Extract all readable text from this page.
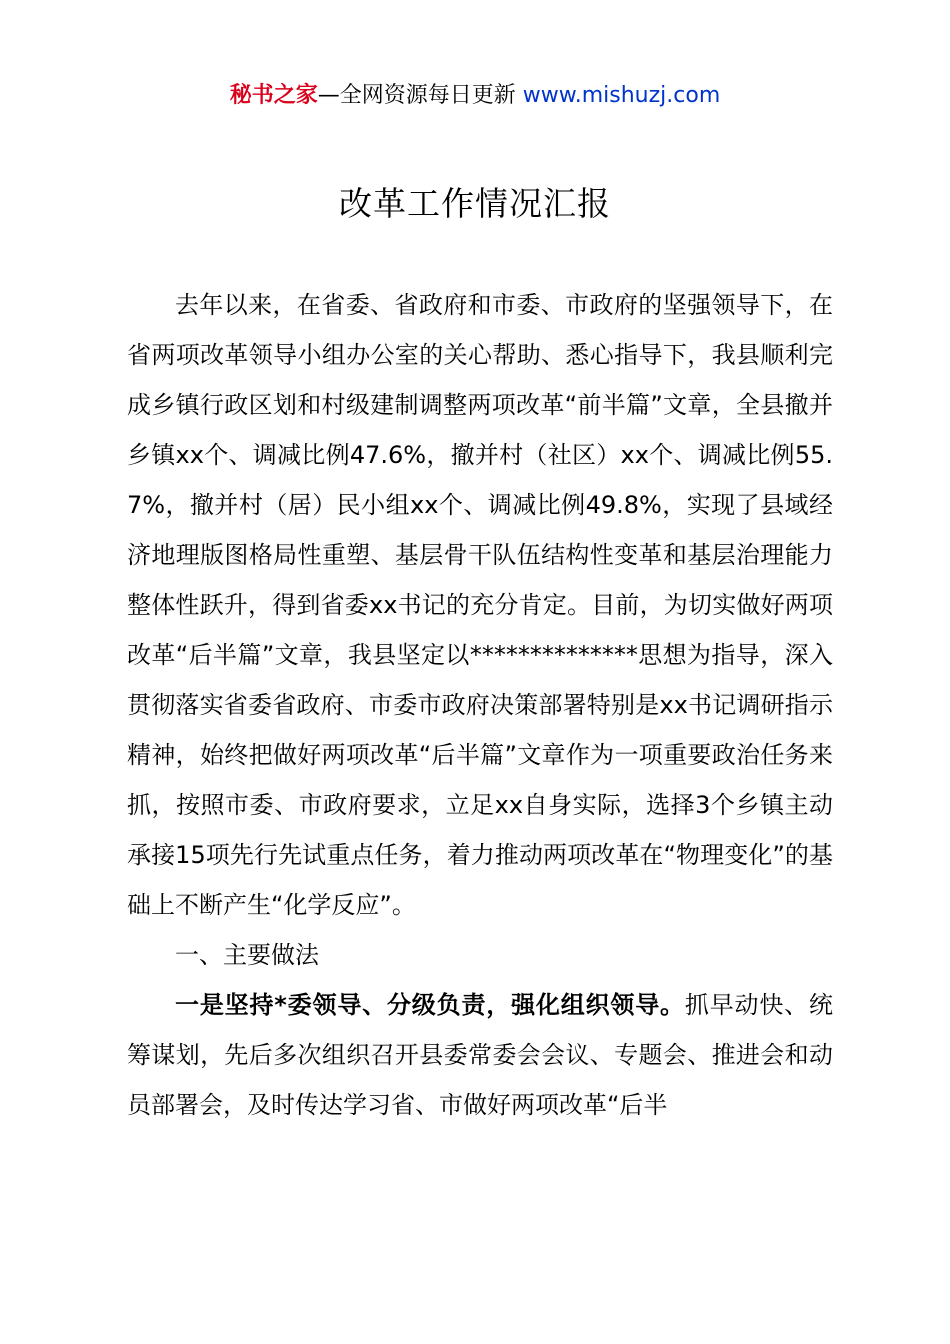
秘书之家—全网资源每日更新 www.mishuzj.com
改革工作情况汇报

去年以来，在省委、省政府和市委、市政府的坚强领导下，在省两项改革领导小组办公室的关心帮助、悉心指导下，我县顺利完成乡镇行政区划和村级建制调整两项改革“前半篇”文章，全县撤并乡镇xx个、调减比例47.6%，撤并村（社区）xx个、调减比例55.7%，撤并村（居）民小组xx个、调减比例49.8%，实现了县域经济地理版图格局性重塑、基层骨干队伍结构性变革和基层治理能力整体性跃升，得到省委xx书记的充分肯定。目前，为切实做好两项改革“后半篇”文章，我县坚定以**************思想为指导，深入贯彻落实省委省政府、市委市政府决策部署特别是xx书记调研指示精神，始终把做好两项改革“后半篇”文章作为一项重要政治任务来抓，按照市委、市政府要求，立足xx自身实际，选择3个乡镇主动承接15项先行先试重点任务，着力推动两项改革在“物理变化”的基础上不断产生“化学反应”。

一、主要做法

一是坚持*委领导、分级负责，强化组织领导。抓早动快、统筹谋划，先后多次组织召开县委常委会会议、专题会、推进会和动员部署会，及时传达学习省、市做好两项改革“后半
